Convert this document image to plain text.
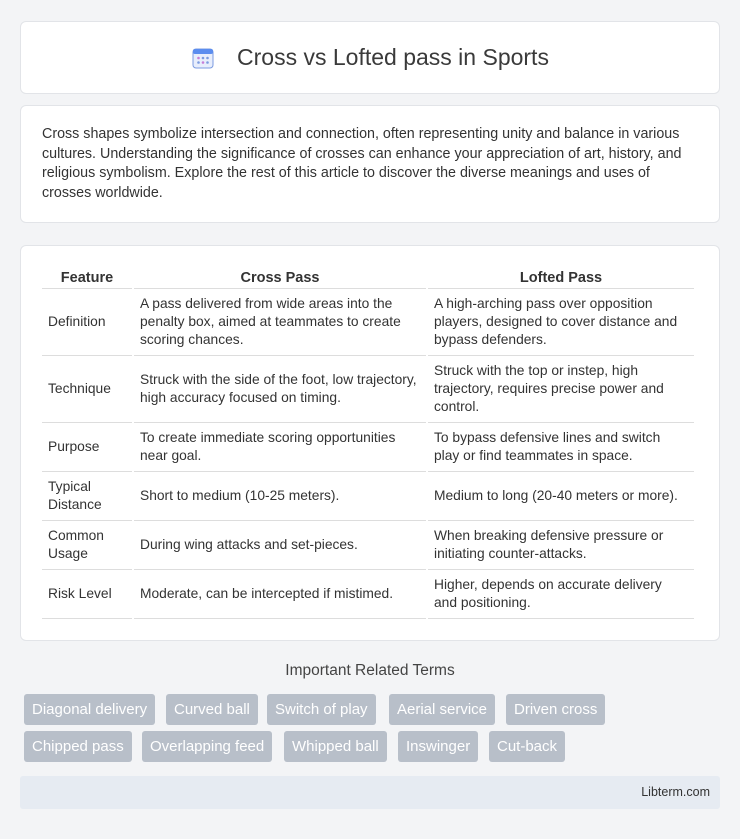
Cross vs Lofted pass in Sports

Cross shapes symbolize intersection and connection, often representing unity and balance in various cultures. Understanding the significance of crosses can enhance your appreciation of art, history, and religious symbolism. Explore the rest of this article to discover the diverse meanings and uses of crosses worldwide.

Feature	Cross Pass	Lofted Pass
Definition	A pass delivered from wide areas into the penalty box, aimed at teammates to create scoring chances.	A high-arching pass over opposition players, designed to cover distance and bypass defenders.
Technique	Struck with the side of the foot, low trajectory, high accuracy focused on timing.	Struck with the top or instep, high trajectory, requires precise power and control.
Purpose	To create immediate scoring opportunities near goal.	To bypass defensive lines and switch play or find teammates in space.
Typical Distance	Short to medium (10-25 meters).	Medium to long (20-40 meters or more).
Common Usage	During wing attacks and set-pieces.	When breaking defensive pressure or initiating counter-attacks.
Risk Level	Moderate, can be intercepted if mistimed.	Higher, depends on accurate delivery and positioning.
Important Related Terms
Diagonal delivery	Curved ball	Switch of play	Aerial service	Driven cross
Chipped pass	Overlapping feed	Whipped ball	Inswinger	Cut-back
Libterm.com
